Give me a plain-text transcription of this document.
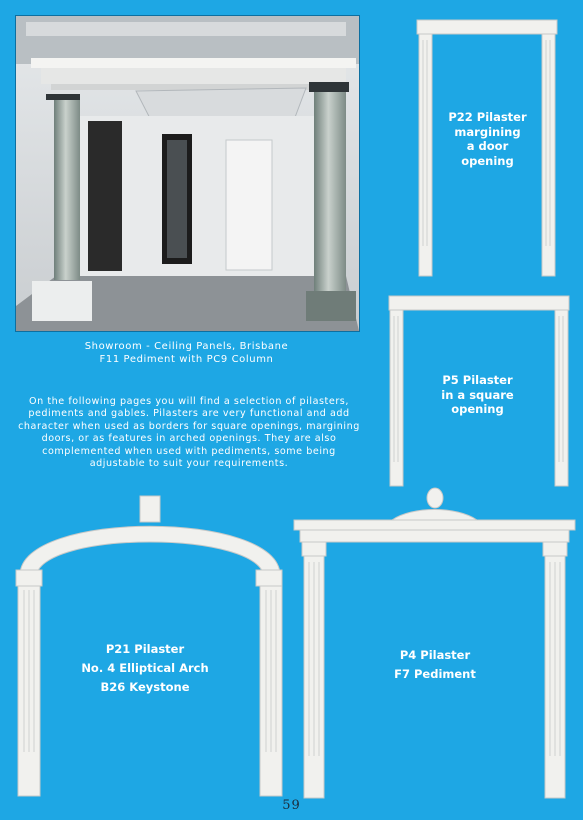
Showroom - Ceiling Panels, Brisbane
F11 Pediment with PC9 Column
On the following pages you will find a selection of pilasters, pediments and gables. Pilasters are very functional and add character when used as borders for square openings, margining doors, or as features in arched openings. They are also complemented when used with pediments, some being adjustable to suit your requirements.
P22 Pilaster
margining
a door
opening
P5 Pilaster
in a square
opening
P21 Pilaster
No. 4 Elliptical Arch
B26 Keystone
P4 Pilaster
F7 Pediment
59
